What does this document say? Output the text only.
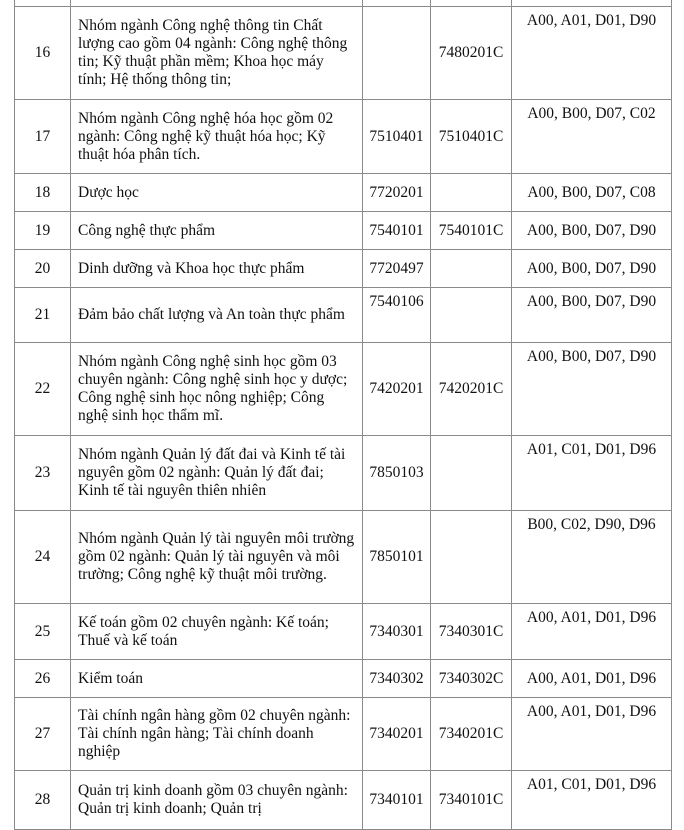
16	Nhóm ngành Công nghệ thông tin Chất lượng cao gồm 04 ngành: Công nghệ thông tin; Kỹ thuật phần mềm; Khoa học máy tính; Hệ thống thông tin;		7480201C	A00, A01, D01, D90
17	Nhóm ngành Công nghệ hóa học gồm 02 ngành: Công nghệ kỹ thuật hóa học; Kỹ thuật hóa phân tích.	7510401	7510401C	A00, B00, D07, C02
18	Dược học	7720201		A00, B00, D07, C08
19	Công nghệ thực phẩm	7540101	7540101C	A00, B00, D07, D90
20	Dinh dưỡng và Khoa học thực phẩm	7720497		A00, B00, D07, D90
21	Đảm bảo chất lượng và An toàn thực phẩm	7540106		A00, B00, D07, D90
22	Nhóm ngành Công nghệ sinh học gồm 03 chuyên ngành: Công nghệ sinh học y dược; Công nghệ sinh học nông nghiệp; Công nghệ sinh học thẩm mĩ.	7420201	7420201C	A00, B00, D07, D90
23	Nhóm ngành Quản lý đất đai và Kinh tế tài nguyên gồm 02 ngành: Quản lý đất đai; Kinh tế tài nguyên thiên nhiên	7850103		A01, C01, D01, D96
24	Nhóm ngành Quản lý tài nguyên môi trường gồm 02 ngành: Quản lý tài nguyên và môi trường; Công nghệ kỹ thuật môi trường.	7850101		B00, C02, D90, D96
25	Kế toán gồm 02 chuyên ngành: Kế toán; Thuế và kế toán	7340301	7340301C	A00, A01, D01, D96
26	Kiểm toán	7340302	7340302C	A00, A01, D01, D96
27	Tài chính ngân hàng gồm 02 chuyên ngành: Tài chính ngân hàng; Tài chính doanh nghiệp	7340201	7340201C	A00, A01, D01, D96
28	Quản trị kinh doanh gồm 03 chuyên ngành: Quản trị kinh doanh; Quản trị	7340101	7340101C	A01, C01, D01, D96
